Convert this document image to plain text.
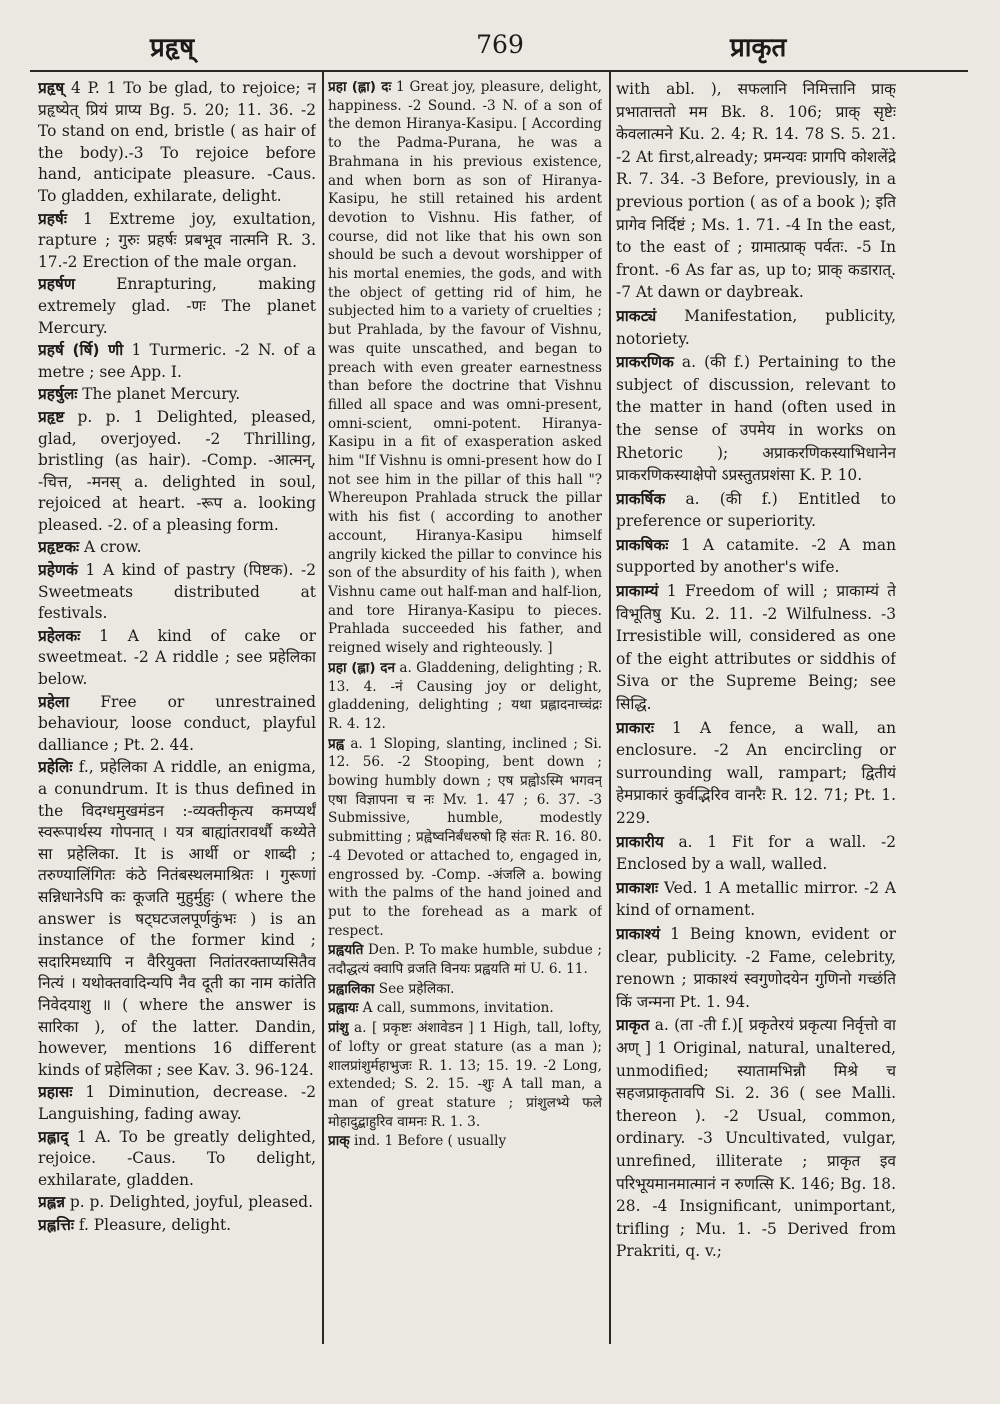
प्रहृष्	769	प्राकृत

प्रहृष् 4 P. 1 To be glad, to rejoice; न प्रहृष्येत् प्रियं प्राप्य Bg. 5. 20; 11. 36. -2 To stand on end, bristle ( as hair of the body).-3 To rejoice before hand, anticipate pleasure. -Caus. To gladden, exhilarate, delight.

प्रहर्षः 1 Extreme joy, exultation, rapture ; गुरुः प्रहर्षः प्रबभूव नात्मनि R. 3. 17.-2 Erection of the male organ.

प्रहर्षण Enrapturing, making extremely glad. -णः The planet Mercury.

प्रहर्ष (र्षि) णी 1 Turmeric. -2 N. of a metre ; see App. I.

प्रहर्षुलः The planet Mercury.

प्रहृष्ट p. p. 1 Delighted, pleased, glad, overjoyed. -2 Thrilling, bristling (as hair). -Comp. -आत्मन्, -चित्त, -मनस् a. delighted in soul, rejoiced at heart. -रूप a. looking pleased. -2. of a pleasing form.

प्रहृष्टकः A crow.

प्रहेणकं 1 A kind of pastry (पिष्टक). -2 Sweetmeats distributed at festivals.

प्रहेलकः 1 A kind of cake or sweetmeat. -2 A riddle ; see प्रहेलिका below.

प्रहेला Free or unrestrained behaviour, loose conduct, playful dalliance ; Pt. 2. 44.

प्रहेलिः f., प्रहेलिका A riddle, an enigma, a conundrum. It is thus defined in the विदग्धमुखमंडन :-व्यक्तीकृत्य कमप्यर्थं स्वरूपार्थस्य गोपनात् । यत्र बाह्यांतरावर्थौ कथ्येते सा प्रहेलिका. It is आर्थी or शाब्दी ; तरुण्यालिंगितः कंठे नितंबस्थलमाश्रितः । गुरूणां सन्निधानेऽपि कः कूजति मुहुर्मुहुः ( where the answer is षट्घटजलपूर्णकुंभः ) is an instance of the former kind ; सदारिमध्यापि न वैरियुक्ता नितांतरक्ताप्यसितैव नित्यं । यथोक्तवादिन्यपि नैव दूती का नाम कांतेति निवेदयाशु ॥ ( where the answer is सारिका ), of the latter. Dandin, however, mentions 16 different kinds of प्रहेलिका ; see Kav. 3. 96-124.

प्रहासः 1 Diminution, decrease. -2 Languishing, fading away.

प्रह्लाद् 1 A. To be greatly delighted, rejoice. -Caus. To delight, exhilarate, gladden.

प्रह्लन्न p. p. Delighted, joyful, pleased.

प्रह्लत्तिः f. Pleasure, delight.

प्रहा (ह्ला) दः 1 Great joy, pleasure, delight, happiness. -2 Sound. -3 N. of a son of the demon Hiranya-Kasipu. [ According to the Padma-Purana, he was a Brahmana in his previous existence, and when born as son of Hiranya-Kasipu, he still retained his ardent devotion to Vishnu. His father, of course, did not like that his own son should be such a devout worshipper of his mortal enemies, the gods, and with the object of getting rid of him, he subjected him to a variety of cruelties ; but Prahlada, by the favour of Vishnu, was quite unscathed, and began to preach with even greater earnestness than before the doctrine that Vishnu filled all space and was omni-present, omni-scient, omni-potent. Hiranya-Kasipu in a fit of exasperation asked him "If Vishnu is omni-present how do I not see him in the pillar of this hall "? Whereupon Prahlada struck the pillar with his fist ( according to another account, Hiranya-Kasipu himself angrily kicked the pillar to convince his son of the absurdity of his faith ), when Vishnu came out half-man and half-lion, and tore Hiranya-Kasipu to pieces. Prahlada succeeded his father, and reigned wisely and righteously. ]

प्रहा (ह्ला) दन a. Gladdening, delighting ; R. 13. 4. -नं Causing joy or delight, gladdening, delighting ; यथा प्रह्लादनाच्चंद्रः R. 4. 12.

प्रह्व a. 1 Sloping, slanting, inclined ; Si. 12. 56. -2 Stooping, bent down ; bowing humbly down ; एष प्रह्वोऽस्मि भगवन् एषा विज्ञापना च नः Mv. 1. 47 ; 6. 37. -3 Submissive, humble, modestly submitting ; प्रह्वेष्वनिर्बंधरुषो हि संतः R. 16. 80. -4 Devoted or attached to, engaged in, engrossed by. -Comp. -अंजलि a. bowing with the palms of the hand joined and put to the forehead as a mark of respect.

प्रह्वयति Den. P. To make humble, subdue ; तदौद्धत्यं क्वापि व्रजति विनयः प्रह्वयति मां U. 6. 11.

प्रह्वालिका See प्रहेलिका.

प्रह्वायः A call, summons, invitation.

प्रांशु a. [ प्रकृष्टः अंशावेडन ] 1 High, tall, lofty, of lofty or great stature (as a man ); शालप्रांशुर्महाभुजः R. 1. 13; 15. 19. -2 Long, extended; S. 2. 15. -शुः A tall man, a man of great stature ; प्रांशुलभ्ये फले मोहादुद्बाहुरिव वामनः R. 1. 3.

प्राक् ind. 1 Before ( usually

with abl. ), सफलानि निमित्तानि प्राक् प्रभातात्ततो मम Bk. 8. 106; प्राक् सृष्टेः केवलात्मने Ku. 2. 4; R. 14. 78 S. 5. 21. -2 At first,already; प्रमन्यवः प्रागपि कोशलेंद्रे R. 7. 34. -3 Before, previously, in a previous portion ( as of a book ); इति प्रागेव निर्दिष्टं ; Ms. 1. 71. -4 In the east, to the east of ; ग्रामात्प्राक् पर्वतः. -5 In front. -6 As far as, up to; प्राक् कडारात्. -7 At dawn or daybreak.

प्राकट्यं Manifestation, publicity, notoriety.

प्राकरणिक a. (की f.) Pertaining to the subject of discussion, relevant to the matter in hand (often used in the sense of उपमेय in works on Rhetoric ); अप्राकरणिकस्याभिधानेन प्राकरणिकस्याक्षेपो ऽप्रस्तुतप्रशंसा K. P. 10.

प्राकर्षिक a. (की f.) Entitled to preference or superiority.

प्राकषिकः 1 A catamite. -2 A man supported by another's wife.

प्राकाम्यं 1 Freedom of will ; प्राकाम्यं ते विभूतिषु Ku. 2. 11. -2 Wilfulness. -3 Irresistible will, considered as one of the eight attributes or siddhis of Siva or the Supreme Being; see सिद्धि.

प्राकारः 1 A fence, a wall, an enclosure. -2 An encircling or surrounding wall, rampart; द्वितीयं हेमप्राकारं कुर्वद्भिरिव वानरैः R. 12. 71; Pt. 1. 229.

प्राकारीय a. 1 Fit for a wall. -2 Enclosed by a wall, walled.

प्राकाशः Ved. 1 A metallic mirror. -2 A kind of ornament.

प्राकाश्यं 1 Being known, evident or clear, publicity. -2 Fame, celebrity, renown ; प्राकाश्यं स्वगुणोदयेन गुणिनो गच्छंति किं जन्मना Pt. 1. 94.

प्राकृत a. (ता -ती f.)[ प्रकृतेरयं प्रकृत्या निर्वृत्तो वा अण् ] 1 Original, natural, unaltered, unmodified; स्यातामभिन्नौ मिश्रे च सहजप्राकृतावपि Si. 2. 36 ( see Malli. thereon ). -2 Usual, common, ordinary. -3 Uncultivated, vulgar, unrefined, illiterate ; प्राकृत इव परिभूयमानमात्मानं न रुणत्सि K. 146; Bg. 18. 28. -4 Insignificant, unimportant, trifling ; Mu. 1. -5 Derived from Prakriti, q. v.;
